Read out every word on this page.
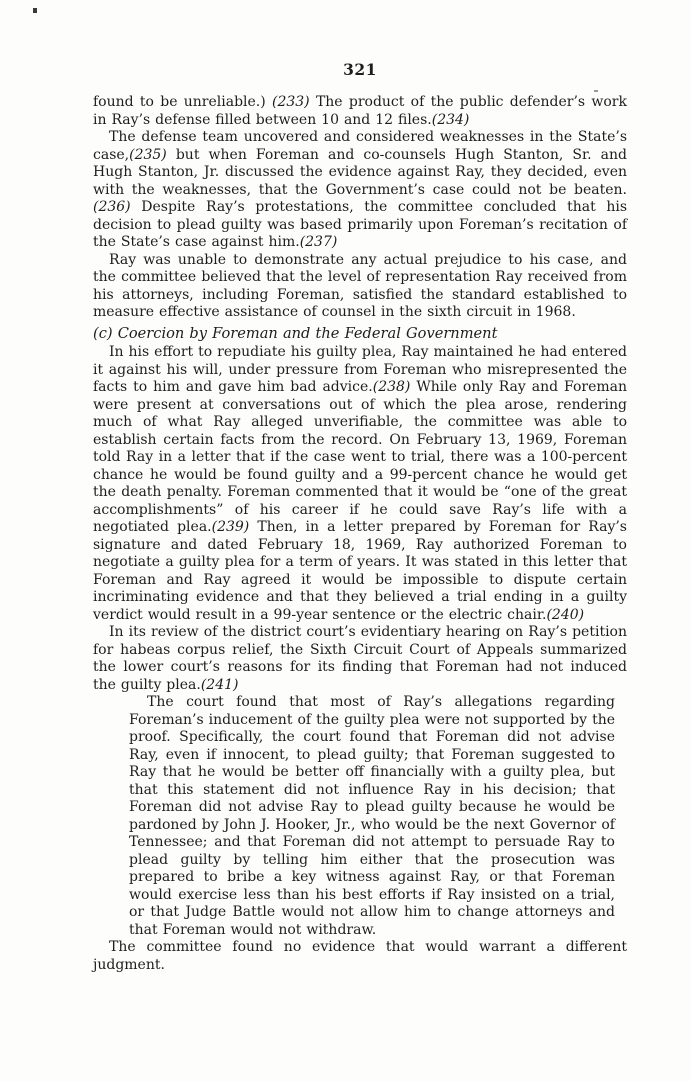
321

found to be unreliable.) (233) The product of the public defender’s work in Ray’s defense filled between 10 and 12 files.(234)

The defense team uncovered and considered weaknesses in the State’s case,(235) but when Foreman and co-counsels Hugh Stanton, Sr. and Hugh Stanton, Jr. discussed the evidence against Ray, they decided, even with the weaknesses, that the Government’s case could not be beaten.(236) Despite Ray’s protestations, the committee concluded that his decision to plead guilty was based primarily upon Foreman’s recitation of the State’s case against him.(237)

Ray was unable to demonstrate any actual prejudice to his case, and the committee believed that the level of representation Ray received from his attorneys, including Foreman, satisfied the standard established to measure effective assistance of counsel in the sixth circuit in 1968.

(c) Coercion by Foreman and the Federal Government

In his effort to repudiate his guilty plea, Ray maintained he had entered it against his will, under pressure from Foreman who misrepresented the facts to him and gave him bad advice.(238) While only Ray and Foreman were present at conversations out of which the plea arose, rendering much of what Ray alleged unverifiable, the committee was able to establish certain facts from the record. On February 13, 1969, Foreman told Ray in a letter that if the case went to trial, there was a 100-percent chance he would be found guilty and a 99-percent chance he would get the death penalty. Foreman commented that it would be “one of the great accomplishments” of his career if he could save Ray’s life with a negotiated plea.(239) Then, in a letter prepared by Foreman for Ray’s signature and dated February 18, 1969, Ray authorized Foreman to negotiate a guilty plea for a term of years. It was stated in this letter that Foreman and Ray agreed it would be impossible to dispute certain incriminating evidence and that they believed a trial ending in a guilty verdict would result in a 99-year sentence or the electric chair.(240)

In its review of the district court’s evidentiary hearing on Ray’s petition for habeas corpus relief, the Sixth Circuit Court of Appeals summarized the lower court’s reasons for its finding that Foreman had not induced the guilty plea.(241)

The court found that most of Ray’s allegations regarding Foreman’s inducement of the guilty plea were not supported by the proof. Specifically, the court found that Foreman did not advise Ray, even if innocent, to plead guilty; that Foreman suggested to Ray that he would be better off financially with a guilty plea, but that this statement did not influence Ray in his decision; that Foreman did not advise Ray to plead guilty because he would be pardoned by John J. Hooker, Jr., who would be the next Governor of Tennessee; and that Foreman did not attempt to persuade Ray to plead guilty by telling him either that the prosecution was prepared to bribe a key witness against Ray, or that Foreman would exercise less than his best efforts if Ray insisted on a trial, or that Judge Battle would not allow him to change attorneys and that Foreman would not withdraw.

The committee found no evidence that would warrant a different judgment.
